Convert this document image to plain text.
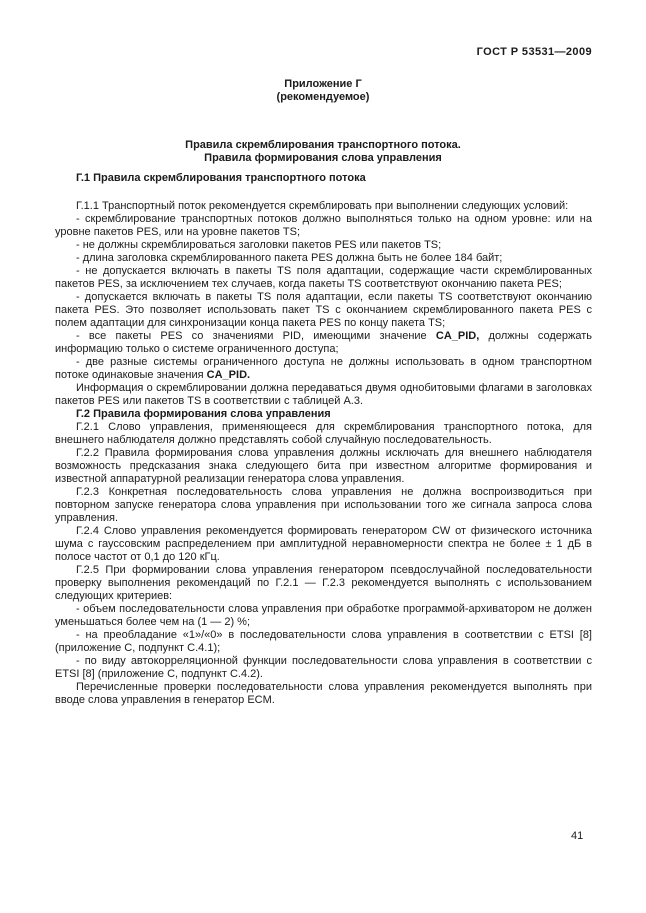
ГОСТ Р 53531—2009
Приложение Г
(рекомендуемое)
Правила скремблирования транспортного потока.
Правила формирования слова управления
Г.1 Правила скремблирования транспортного потока
Г.1.1 Транспортный поток рекомендуется скремблировать при выполнении следующих условий:
- скремблирование транспортных потоков должно выполняться только на одном уровне: или на уровне пакетов PES, или на уровне пакетов TS;
- не должны скремблироваться заголовки пакетов PES или пакетов TS;
- длина заголовка скремблированного пакета PES должна быть не более 184 байт;
- не допускается включать в пакеты TS поля адаптации, содержащие части скремблированных пакетов PES, за исключением тех случаев, когда пакеты TS соответствуют окончанию пакета PES;
- допускается включать в пакеты TS поля адаптации, если пакеты TS соответствуют окончанию пакета PES. Это позволяет использовать пакет TS с окончанием скремблированного пакета PES с полем адаптации для синхронизации конца пакета PES по концу пакета TS;
- все пакеты PES со значениями PID, имеющими значение CA_PID, должны содержать информацию только о системе ограниченного доступа;
- две разные системы ограниченного доступа не должны использовать в одном транспортном потоке одинаковые значения CA_PID.
Информация о скремблировании должна передаваться двумя однобитовыми флагами в заголовках пакетов PES или пакетов TS в соответствии с таблицей А.3.
Г.2 Правила формирования слова управления
Г.2.1 Слово управления, применяющееся для скремблирования транспортного потока, для внешнего наблюдателя должно представлять собой случайную последовательность.
Г.2.2 Правила формирования слова управления должны исключать для внешнего наблюдателя возможность предсказания знака следующего бита при известном алгоритме формирования и известной аппаратурной реализации генератора слова управления.
Г.2.3 Конкретная последовательность слова управления не должна воспроизводиться при повторном запуске генератора слова управления при использовании того же сигнала запроса слова управления.
Г.2.4 Слово управления рекомендуется формировать генератором CW от физического источника шума с гауссовским распределением при амплитудной неравномерности спектра не более ± 1 дБ в полосе частот от 0,1 до 120 кГц.
Г.2.5 При формировании слова управления генератором псевдослучайной последовательности проверку выполнения рекомендаций по Г.2.1 — Г.2.3 рекомендуется выполнять с использованием следующих критериев:
- объем последовательности слова управления при обработке программой-архиватором не должен уменьшаться более чем на (1 — 2) %;
- на преобладание «1»/«0» в последовательности слова управления в соответствии с ETSI [8] (приложение С, подпункт С.4.1);
- по виду автокорреляционной функции последовательности слова управления в соответствии с ETSI [8] (приложение С, подпункт С.4.2).
Перечисленные проверки последовательности слова управления рекомендуется выполнять при вводе слова управления в генератор ECM.
41
